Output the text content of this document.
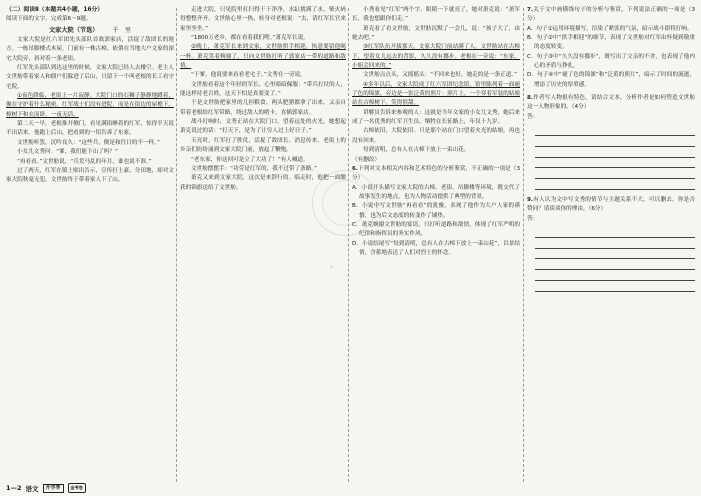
·
（二）阅读Ⅱ（本题共4小题，16分）
阅读下面的文字，完成第6～9题。
文家大院（节选） 千　里

文家大院是红六军团先头部队首战郭家店，活捉了敌团长的地方。一栋吊脚楼式木屋，门前有一株古樟，依偎在当地大户文家的深宅大院旁，斜对着一条老街。

红军先头部队到达这里的时候，文家大院已经人去楼空。老主人文世舫带着家人和佃户们躲进了后山，只留下一个叫老根的长工看守宅院。

①夜色降临，老街上一片寂静。大院门口的石狮子静静地蹲着，像在守护着什么秘密。红军战士们没有进院，而是在街边的屋檐下、樟树下和衣而卧，一夜无话。

第二天一早，老根推开侧门，看见满街睡着的红军，惊得半天说不出话来。他跑上后山，把看到的一切告诉了东家。

文世舫听罢，沉吟良久：“这些兵，倒是和往日的不一样。”

小女儿文秀问：“爹，我们能下山了吗？”

“再看看。”文世舫说，“兵荒马乱的年月，谁也说不准。”

过了两天，红军在镇上贴出告示，宣传打土豪、分田地，却对文家大院秋毫无犯。文世舫终于带着家人下了山。

走进大院，只见院里打扫得干干净净，水缸挑满了水，柴火码得整整齐齐。文世舫心里一热，转身对老根说：“去，请红军长官来家里坐坐。”

“1800万老乡，都在看着我们哩。”萧克军长说。

②晚上，萧克军长来到文家，文世舫拱手相迎，执意要留他喝一杯。萧克笑着婉谢了，只向文世舫打听了郭家店一带的道路和敌情。

“干爹，他说要来看看老宅子。”文秀在一旁说。

文世舫看着这个年轻的军长，心里暗暗佩服：“带兵打仗的人，能这样待老百姓，这天下怕是真要变了。”

于是文世舫把家里的几担粮食、两头肥猪都拿了出来，又亲自带着老根给红军带路，绕过敌人的哨卡，直插郭家店。

战斗打响时，文秀正站在大院门口，望着远处的火光。她想起萧克说过的话：“打天下，是为了让穷人过上好日子。”

天亮时，红军打了胜仗，活捉了敌团长。消息传来，老街上的乡亲们纷纷涌到文家大院门前，放起了鞭炮。

“老东家，你这回可是立了大功了！”有人喊道。

文世舫摆摆手：“功劳是红军的，我不过带了条路。”

萧克又来到文家大院，这次是来辞行的。临走时，他把一面缴获的锦旗送给了文世舫。

小秀看见“红军”两个字，眼睛一下就亮了，她对萧克说：“萧军长，我也想跟你们走。”

萧克看了看文世舫，文世舫沉默了一会儿，说：“孩子大了，由她去吧。”

③红军队伍开拔那天，文家大院门前站满了人。文世舫站在古樟下，望着女儿远去的背影，久久没有挪步。老根在一旁说：“东家，小姐会回来的。”

文世舫点点头，又摇摇头：“不回来也好，她走的是一条正道。”

④多年以后，文家大院成了红六军团纪念馆。馆里陈列着一面褪了色的锦旗，旁边是一张泛黄的照片：照片上，一个穿着军装的姑娘站在古樟树下，笑得很甜。

讲解员告诉来参观的人：这就是当年文家的小女儿文秀，她后来成了一名优秀的红军卫生员，牺牲在长征路上，年仅十九岁。

古樟依旧，大院依旧。只是那个站在门口望着火光的姑娘，再也没有回来。

每到清明，总有人在古樟下放上一束山花。

（有删改）

6.下列对文本相关内容和艺术特色的分析鉴赏，不正确的一项是（3分）

A．小说开头描写文家大院的古樟、老街、吊脚楼等环境，既交代了故事发生的地点，也为人物活动提供了典型的背景。

B．小说中写文世舫“再看看”的犹豫，表现了他作为大户人家的谨慎，也为后文态度的转变作了铺垫。

C．萧克婉谢文世舫的宴请，只打听道路和敌情，体现了红军严明的纪律和指挥员的务实作风。

D．小说结尾写“每到清明，总有人在古樟下放上一束山花”，以景结情，含蓄地表达了人们对烈士的怀念。

7.关于文中画横线句子的分析与鉴赏，下列说法正确的一项是（3分）

A．句子①运用环境描写，渲染了紧张的气氛，暗示战斗即将打响。

B．句子②中“拱手相迎”的细节，表现了文世舫对红军由怀疑到敬重的态度转变。

C．句子③中“久久没有挪步”，既写出了父亲的不舍，也表现了他内心的矛盾与挣扎。

D．句子④中“褪了色的锦旗”和“泛黄的照片”，暗示了时间的流逝，增添了历史的厚重感。

8.作者写人物很有特色，请结合文本，分析作者是如何塑造文世舫这一人物形象的。（4分）

答：

9.有人认为文中写文秀的情节与主题关系不大，可以删去。你是否赞同？请谈谈你的理由。（6分）

答：
1—2 语文	开学季	金考卷
